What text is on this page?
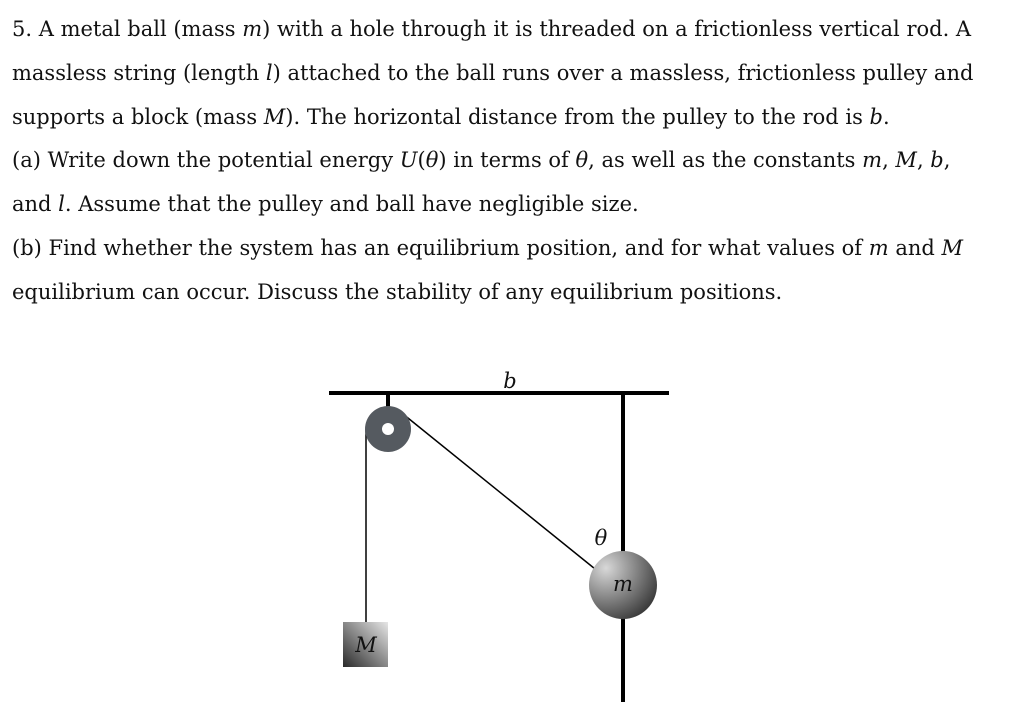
5. A metal ball (mass m) with a hole through it is threaded on a frictionless vertical rod. A
massless string (length l) attached to the ball runs over a massless, frictionless pulley and
supports a block (mass M). The horizontal distance from the pulley to the rod is b.
(a) Write down the potential energy U(θ) in terms of θ, as well as the constants m, M, b,
and l. Assume that the pulley and ball have negligible size.
(b) Find whether the system has an equilibrium position, and for what values of m and M
equilibrium can occur. Discuss the stability of any equilibrium positions.
b
θ
m
M
